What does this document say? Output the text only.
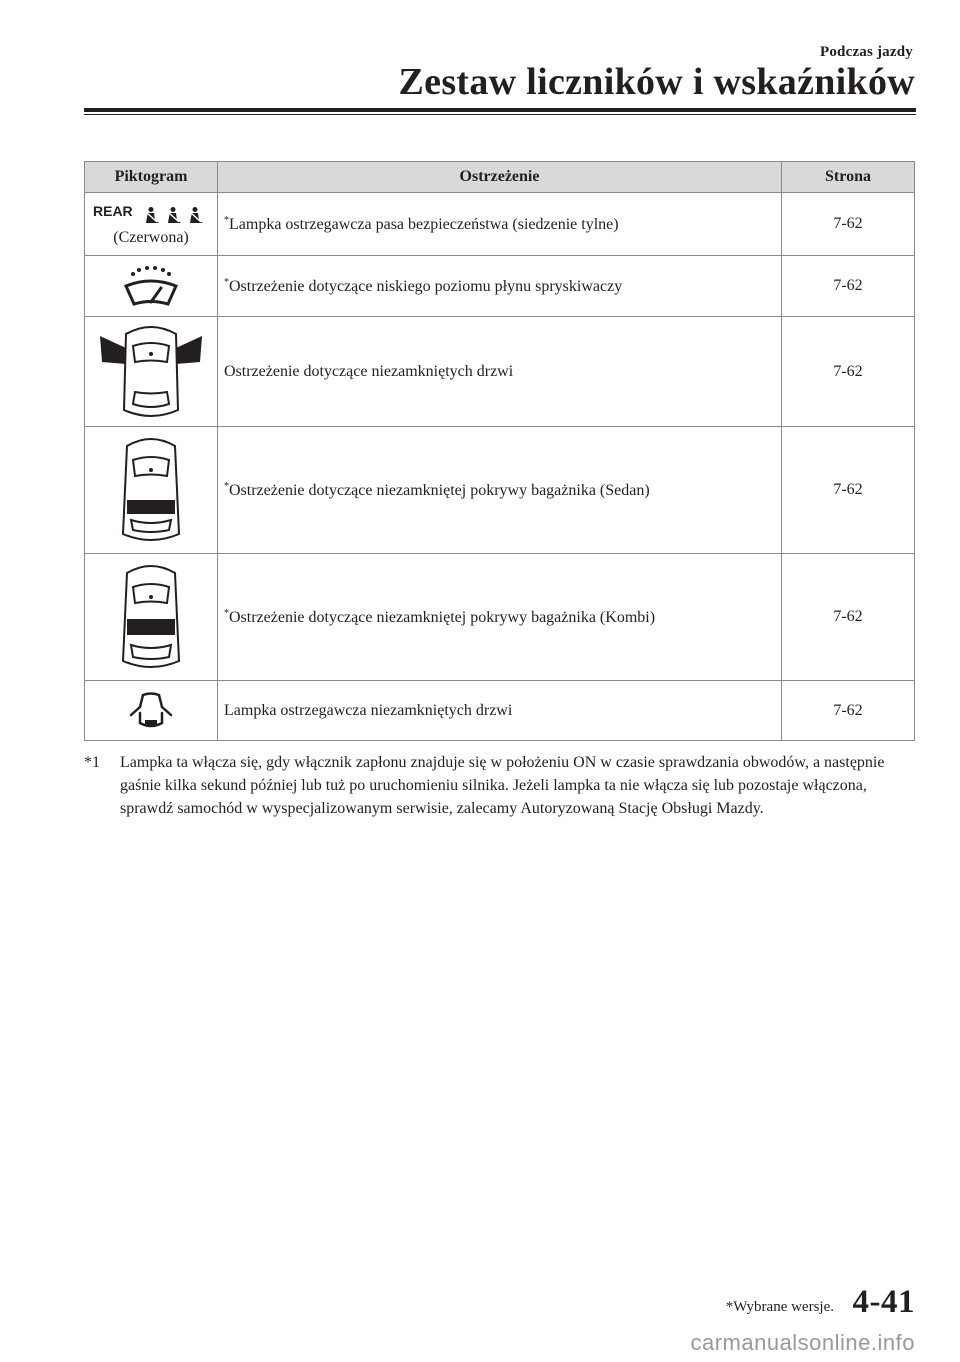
Podczas jazdy
Zestaw liczników i wskaźników
Piktogram	Ostrzeżenie	Strona

REAR
(Czerwona)	*Lampka ostrzegawcza pasa bezpieczeństwa (siedzenie tylne)	7-62

	*Ostrzeżenie dotyczące niskiego poziomu płynu spryskiwaczy	7-62

	Ostrzeżenie dotyczące niezamkniętych drzwi	7-62

	*Ostrzeżenie dotyczące niezamkniętej pokrywy bagażnika (Sedan)	7-62

	*Ostrzeżenie dotyczące niezamkniętej pokrywy bagażnika (Kombi)	7-62

	Lampka ostrzegawcza niezamkniętych drzwi	7-62
*1	Lampka ta włącza się, gdy włącznik zapłonu znajduje się w położeniu ON w czasie sprawdzania obwodów, a następnie gaśnie kilka sekund później lub tuż po uruchomieniu silnika. Jeżeli lampka ta nie włącza się lub pozostaje włączona, sprawdź samochód w wyspecjalizowanym serwisie, zalecamy Autoryzowaną Stację Obsługi Mazdy.
*Wybrane wersje. 4-41
carmanualsonline.info
